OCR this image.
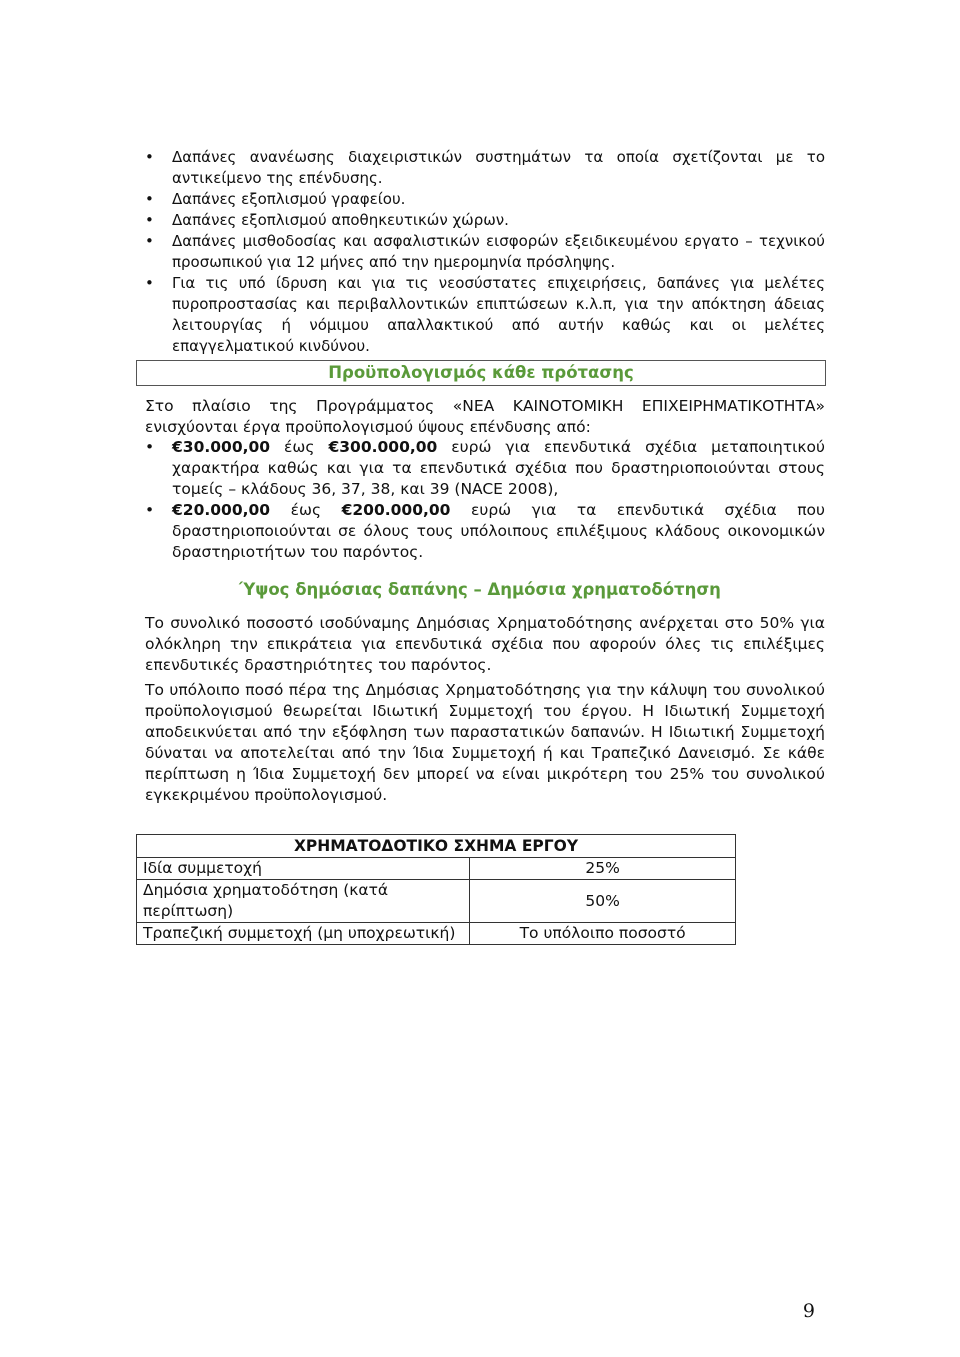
• Δαπάνες ανανέωσης διαχειριστικών συστημάτων τα οποία σχετίζονται με το αντικείμενο της επένδυσης.
• Δαπάνες εξοπλισμού γραφείου.
• Δαπάνες εξοπλισμού αποθηκευτικών χώρων.
• Δαπάνες μισθοδοσίας και ασφαλιστικών εισφορών εξειδικευμένου εργατο – τεχνικού προσωπικού για 12 μήνες από την ημερομηνία πρόσληψης.
• Για τις υπό ίδρυση και για τις νεοσύστατες επιχειρήσεις, δαπάνες για μελέτες πυροπροστασίας και περιβαλλοντικών επιπτώσεων κ.λ.π, για την απόκτηση άδειας λειτουργίας ή νόμιμου απαλλακτικού από αυτήν καθώς και οι μελέτες επαγγελματικού κινδύνου.
Προϋπολογισμός κάθε πρότασης

Στο πλαίσιο της Προγράμματος «ΝΕΑ ΚΑΙΝΟΤΟΜΙΚΗ ΕΠΙΧΕΙΡΗΜΑΤΙΚΟΤΗΤΑ» ενισχύονται έργα προϋπολογισμού ύψους επένδυσης από:

• €30.000,00 έως €300.000,00 ευρώ για επενδυτικά σχέδια μεταποιητικού χαρακτήρα καθώς και για τα επενδυτικά σχέδια που δραστηριοποιούνται στους τομείς – κλάδους 36, 37, 38, και 39 (NACE 2008),
• €20.000,00 έως €200.000,00 ευρώ για τα επενδυτικά σχέδια που δραστηριοποιούνται σε όλους τους υπόλοιπους επιλέξιμους κλάδους οικονομικών δραστηριοτήτων του παρόντος.
Ύψος δημόσιας δαπάνης – Δημόσια χρηματοδότηση

Το συνολικό ποσοστό ισοδύναμης Δημόσιας Χρηματοδότησης ανέρχεται στο 50% για ολόκληρη την επικράτεια για επενδυτικά σχέδια που αφορούν όλες τις επιλέξιμες επενδυτικές δραστηριότητες του παρόντος.

Το υπόλοιπο ποσό πέρα της Δημόσιας Χρηματοδότησης για την κάλυψη του συνολικού προϋπολογισμού θεωρείται Ιδιωτική Συμμετοχή του έργου. Η Ιδιωτική Συμμετοχή αποδεικνύεται από την εξόφληση των παραστατικών δαπανών. Η Ιδιωτική Συμμετοχή δύναται να αποτελείται από την Ίδια Συμμετοχή ή και Τραπεζικό Δανεισμό. Σε κάθε περίπτωση η Ίδια Συμμετοχή δεν μπορεί να είναι μικρότερη του 25% του συνολικού εγκεκριμένου προϋπολογισμού.

ΧΡΗΜΑΤΟΔΟΤΙΚΟ ΣΧΗΜΑ ΕΡΓΟΥ	
Ιδία συμμετοχή	25%
Δημόσια χρηματοδότηση (κατά περίπτωση)	50%
Τραπεζική συμμετοχή (μη υποχρεωτική)	Το υπόλοιπο ποσοστό
9
